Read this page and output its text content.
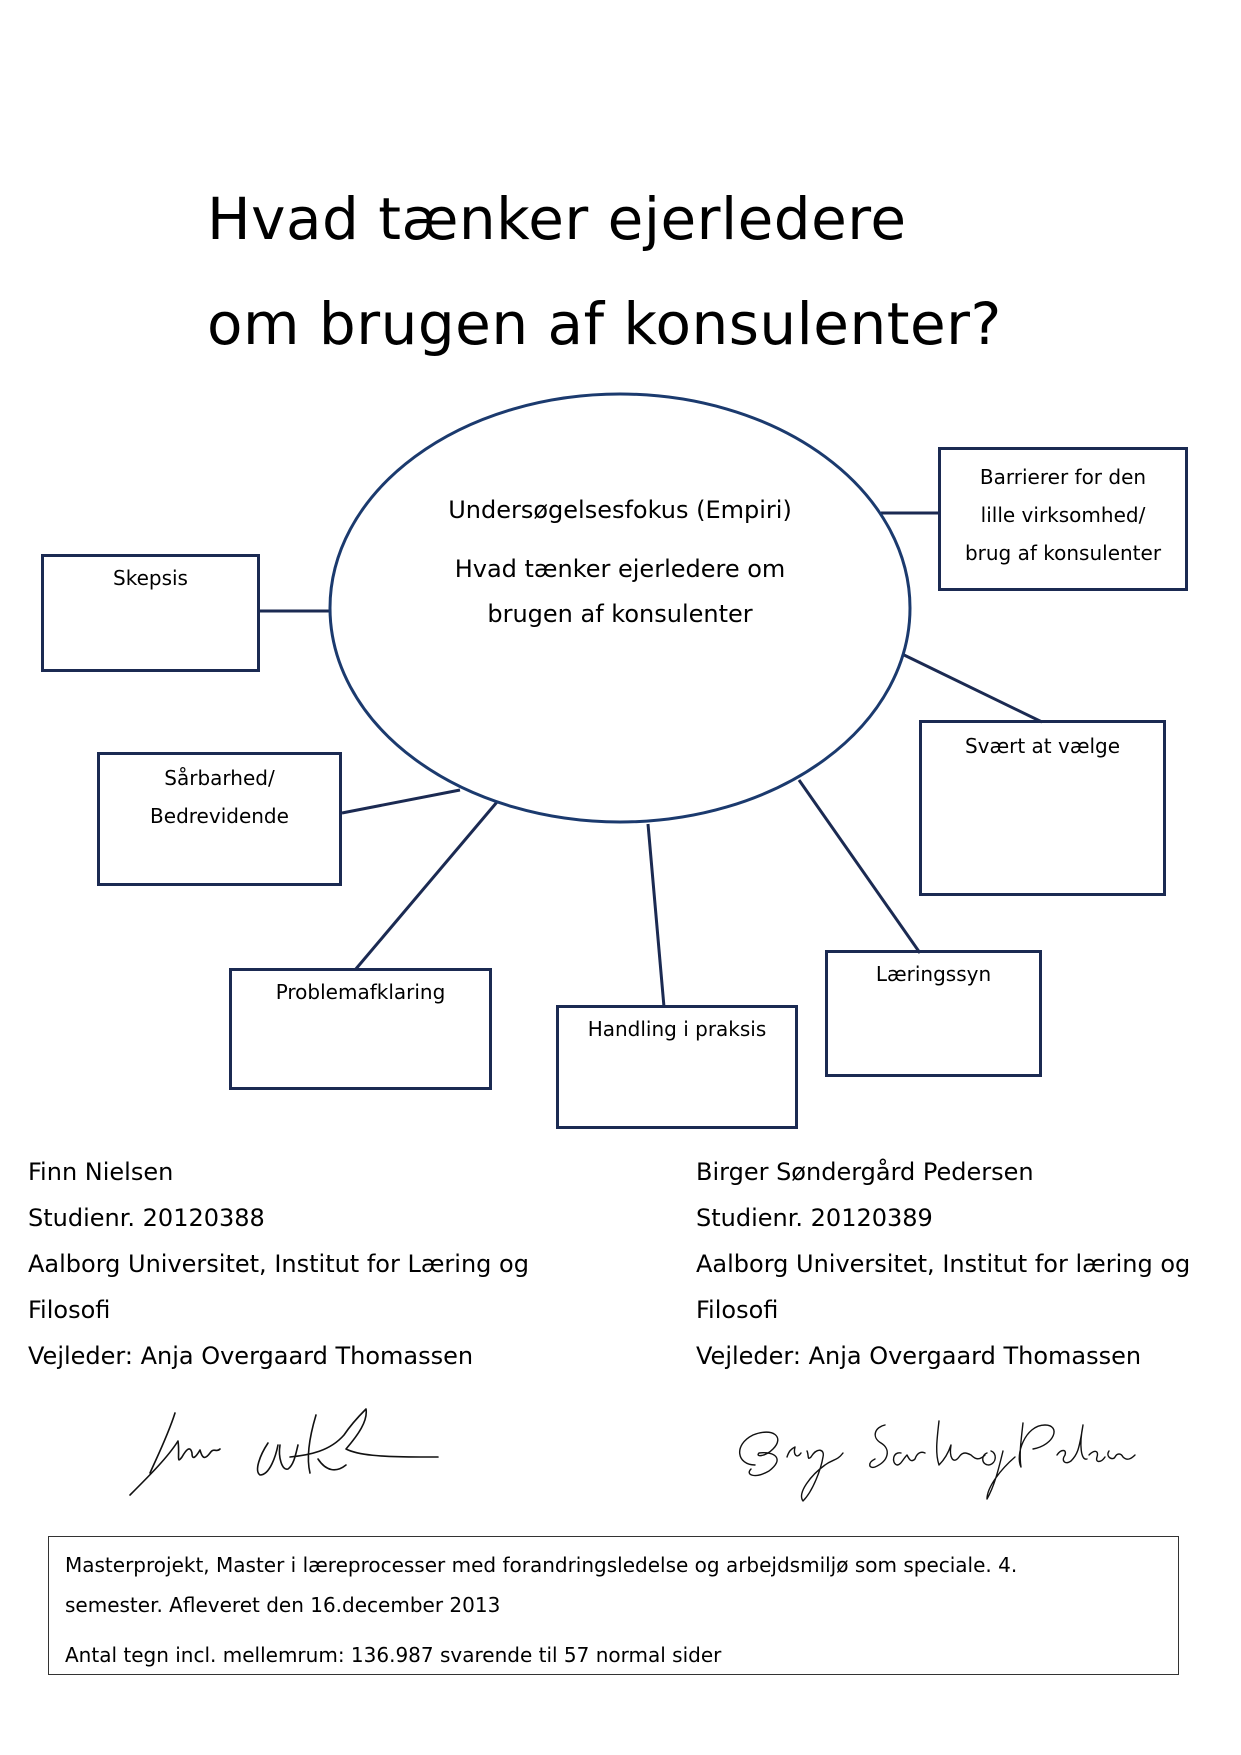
Hvad tænker ejerledere
om brugen af konsulenter?

Undersøgelsesfokus (Empiri)

Hvad tænker ejerledere om

brugen af konsulenter

Barrierer for den
lille virksomhed/
brug af konsulenter

Skepsis

Svært at vælge

Sårbarhed/
Bedrevidende

Problemafklaring

Handling i praksis

Læringssyn

Finn Nielsen

Studienr. 20120388

Aalborg Universitet, Institut for Læring og

Filosofi

Vejleder: Anja Overgaard Thomassen

Birger Søndergård Pedersen

Studienr. 20120389

Aalborg Universitet, Institut for læring og

Filosofi

Vejleder: Anja Overgaard Thomassen

Masterprojekt, Master i læreprocesser med forandringsledelse og arbejdsmiljø som speciale. 4.

semester. Afleveret den 16.december 2013

Antal tegn incl. mellemrum: 136.987 svarende til 57 normal sider
